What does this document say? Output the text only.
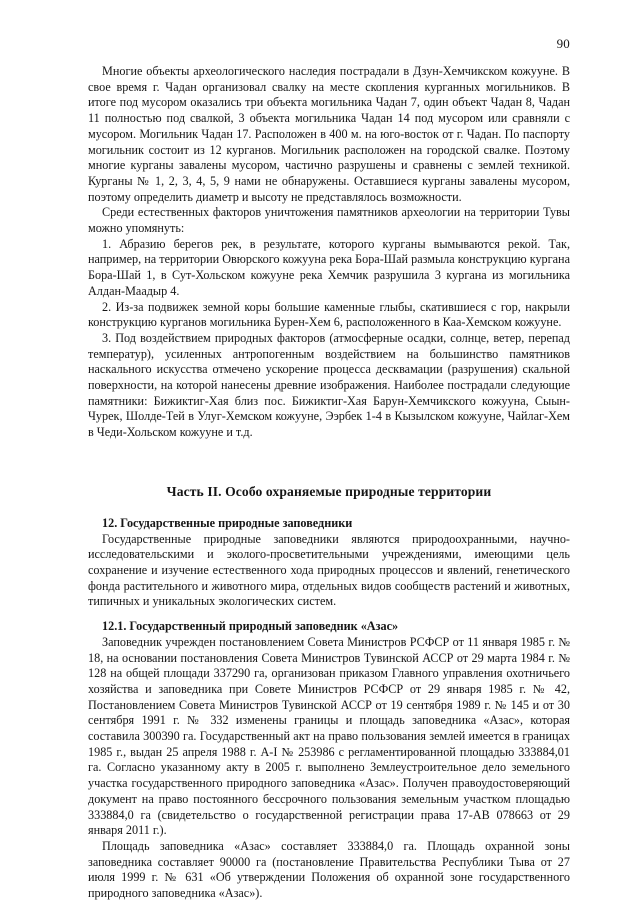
90

Многие объекты археологического наследия пострадали в Дзун-Хемчикском кожууне. В свое время г. Чадан организовал свалку на месте скопления курганных могильников. В итоге под мусором оказались три объекта могильника Чадан 7, один объект Чадан 8, Чадан 11 полностью под свалкой, 3 объекта могильника Чадан 14 под мусором или сравняли с мусором. Могильник Чадан 17. Расположен в 400 м. на юго-восток от г. Чадан. По паспорту могильник состоит из 12 курганов. Могильник расположен на городской свалке. Поэтому многие курганы завалены мусором, частично разрушены и сравнены с землей техникой. Курганы № 1, 2, 3, 4, 5, 9 нами не обнаружены. Оставшиеся курганы завалены мусором, поэтому определить диаметр и высоту не представлялось возможности.

Среди естественных факторов уничтожения памятников археологии на территории Тувы можно упомянуть:

1. Абразию берегов рек, в результате, которого курганы вымываются рекой. Так, например, на территории Овюрского кожууна река Бора-Шай размыла конструкцию кургана Бора-Шай 1, в Сут-Хольском кожууне река Хемчик разрушила 3 кургана из могильника Алдан-Маадыр 4.

2. Из-за подвижек земной коры большие каменные глыбы, скатившиеся с гор, накрыли конструкцию курганов могильника Бурен-Хем 6, расположенного в Каа-Хемском кожууне.

3. Под воздействием природных факторов (атмосферные осадки, солнце, ветер, перепад температур), усиленных антропогенным воздействием на большинство памятников наскального искусства отмечено ускорение процесса десквамации (разрушения) скальной поверхности, на которой нанесены древние изображения. Наиболее пострадали следующие памятники: Бижиктиг-Хая близ пос. Бижиктиг-Хая Барун-Хемчикского кожууна, Сыын-Чурек, Шолде-Тей в Улуг-Хемском кожууне, Ээрбек 1-4 в Кызылском кожууне, Чайлаг-Хем в Чеди-Хольском кожууне и т.д.

Часть II. Особо охраняемые природные территории
12. Государственные природные заповедники

Государственные природные заповедники являются природоохранными, научно-исследовательскими и эколого-просветительными учреждениями, имеющими цель сохранение и изучение естественного хода природных процессов и явлений, генетического фонда растительного и животного мира, отдельных видов сообществ растений и животных, типичных и уникальных экологических систем.

12.1. Государственный природный заповедник «Азас»

Заповедник учрежден постановлением Совета Министров РСФСР от 11 января 1985 г. № 18, на основании постановления Совета Министров Тувинской АССР от 29 марта 1984 г. № 128 на общей площади 337290 га, организован приказом Главного управления охотничьего хозяйства и заповедника при Совете Министров РСФСР от 29 января 1985 г. № 42, Постановлением Совета Министров Тувинской АССР от 19 сентября 1989 г. № 145 и от 30 сентября 1991 г. № 332 изменены границы и площадь заповедника «Азас», которая составила 300390 га. Государственный акт на право пользования землей имеется в границах 1985 г., выдан 25 апреля 1988 г. А-I № 253986 с регламентированной площадью 333884,01 га. Согласно указанному акту в 2005 г. выполнено Землеустроительное дело земельного участка государственного природного заповедника «Азас». Получен правоудостоверяющий документ на право постоянного бессрочного пользования земельным участком площадью 333884,0 га (свидетельство о государственной регистрации права 17-АВ 078663 от 29 января 2011 г.).

Площадь заповедника «Азас» составляет 333884,0 га. Площадь охранной зоны заповедника составляет 90000 га (постановление Правительства Республики Тыва от 27 июля 1999 г. № 631 «Об утверждении Положения об охранной зоне государственного природного заповедника «Азас»).
